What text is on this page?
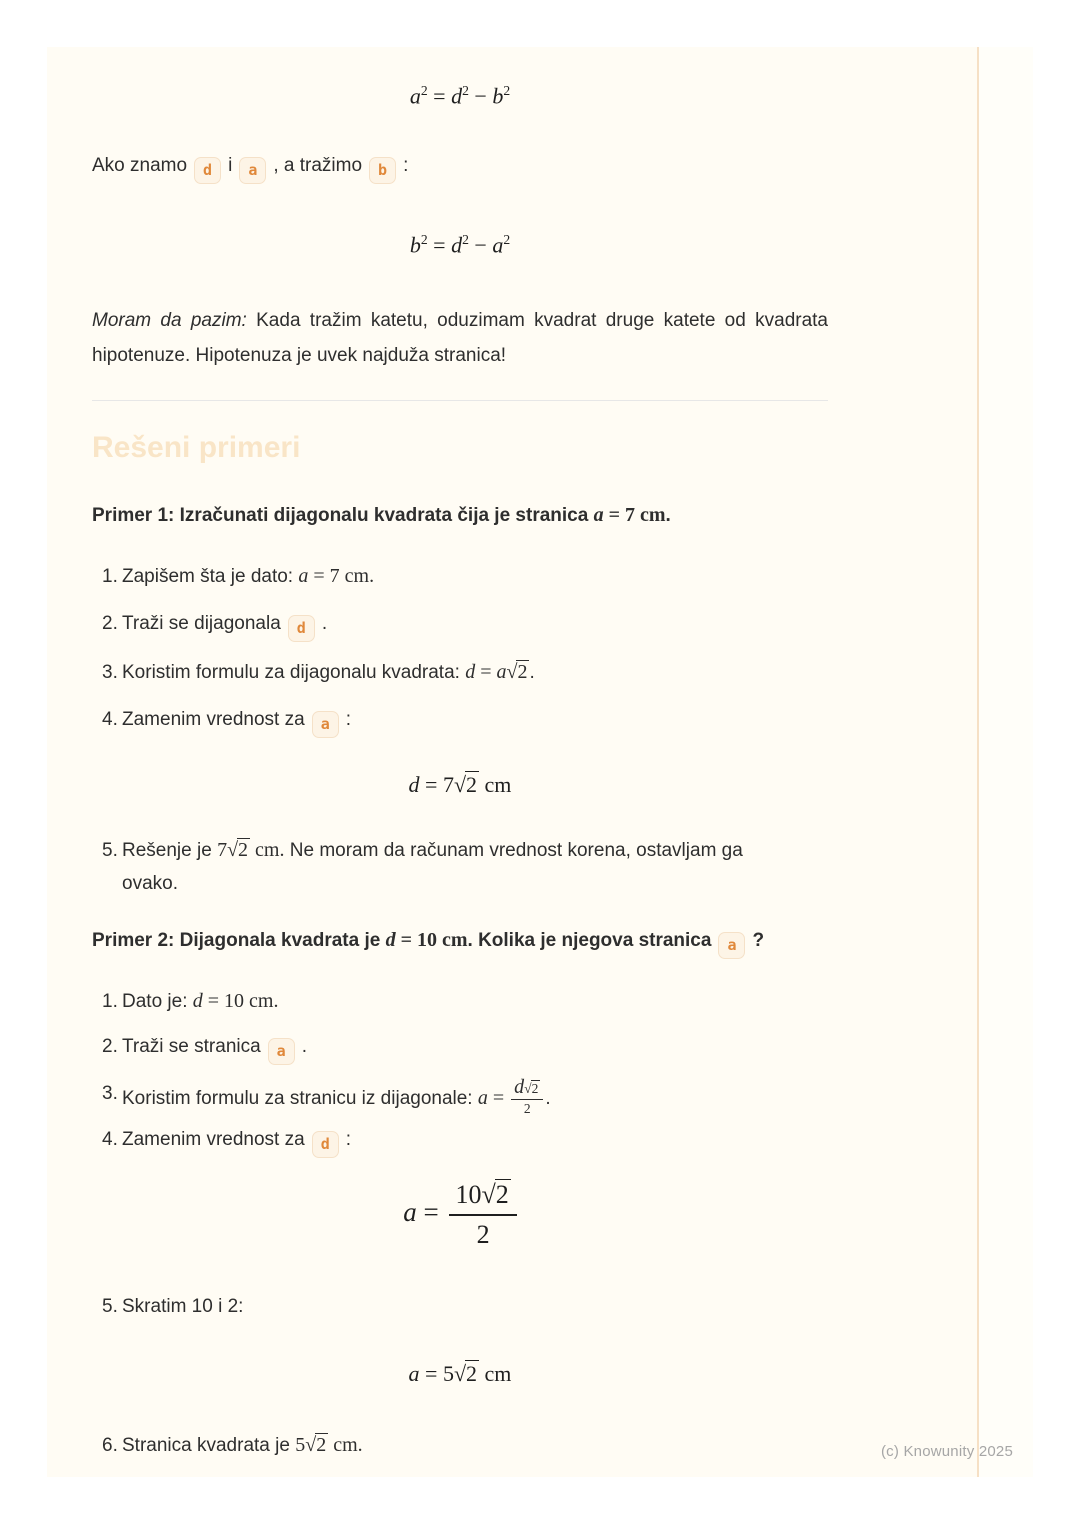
$a^2 = d^2 - b^2$
Ako znamo d i a , a tražimo b :
$b^2 = d^2 - a^2$
Moram da pazim: Kada tražim katetu, oduzimam kvadrat druge katete od kvadrata hipotenuze. Hipotenuza je uvek najduža stranica!
Rešeni primeri
Primer 1: Izračunati dijagonalu kvadrata čija je stranica a = 7 cm.
1. Zapišem šta je dato: a = 7 cm.
2. Traži se dijagonala d .
3. Koristim formulu za dijagonalu kvadrata: d = a√2 .
4. Zamenim vrednost za a :
d = 7√2 cm
5. Rešenje je 7√2 cm. Ne moram da računam vrednost korena, ostavljam ga
ovako.
Primer 2: Dijagonala kvadrata je d = 10 cm. Kolika je njegova stranica a ?
1. Dato je: d = 10 cm.
2. Traži se stranica a .
3. Koristim formulu za stranicu iz dijagonale: $a = \frac{d√2}{2}$ .
4. Zamenim vrednost za d :
$a = \frac{10√2}{2}$
5. Skratim 10 i 2:
a = 5√2 cm
6. Stranica kvadrata je 5√2 cm.	(c) Knowunity 2025
